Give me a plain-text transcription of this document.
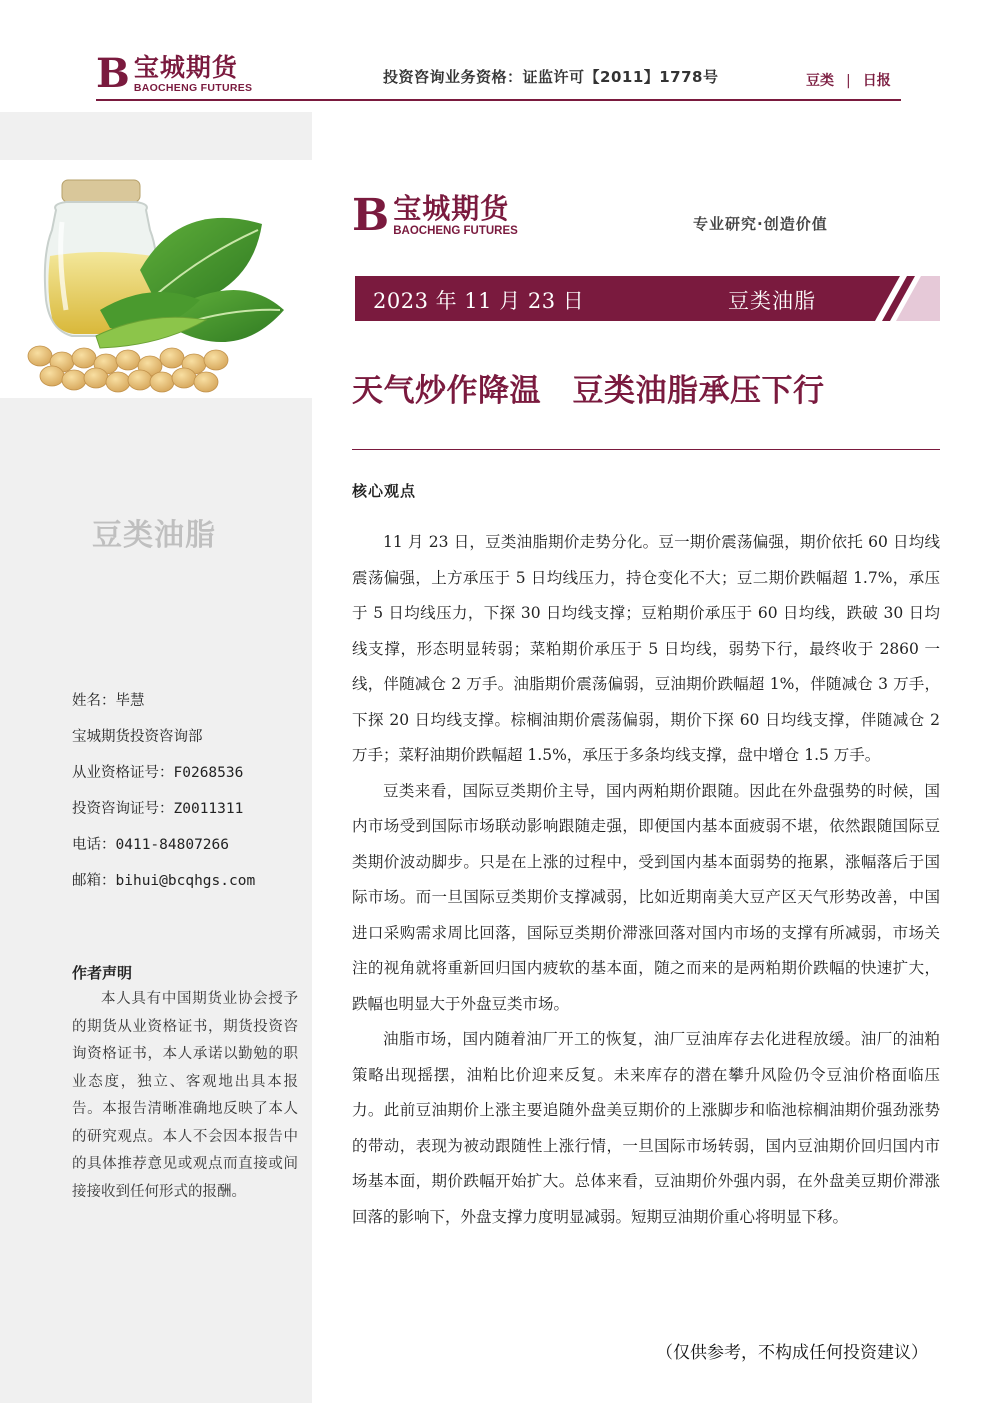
B 宝城期货
BAOCHENG FUTURES
投资咨询业务资格：证监许可【2011】1778号	豆类 | 日报
豆类油脂
姓名：毕慧
宝城期货投资咨询部
从业资格证号：F0268536
投资咨询证号：Z0011311
电话：0411-84807266
邮箱：bihui@bcqhgs.com
作者声明
本人具有中国期货业协会授予的期货从业资格证书，期货投资咨询资格证书，本人承诺以勤勉的职业态度，独立、客观地出具本报告。本报告清晰准确地反映了本人的研究观点。本人不会因本报告中的具体推荐意见或观点而直接或间接接收到任何形式的报酬。
B 宝城期货
BAOCHENG FUTURES	专业研究·创造价值
2023 年 11 月 23 日	豆类油脂
天气炒作降温　豆类油脂承压下行
核心观点

11 月 23 日，豆类油脂期价走势分化。豆一期价震荡偏强，期价依托 60 日均线震荡偏强，上方承压于 5 日均线压力，持仓变化不大；豆二期价跌幅超 1.7%，承压于 5 日均线压力，下探 30 日均线支撑；豆粕期价承压于 60 日均线，跌破 30 日均线支撑，形态明显转弱；菜粕期价承压于 5 日均线，弱势下行，最终收于 2860 一线，伴随减仓 2 万手。油脂期价震荡偏弱，豆油期价跌幅超 1%，伴随减仓 3 万手，下探 20 日均线支撑。棕榈油期价震荡偏弱，期价下探 60 日均线支撑，伴随减仓 2 万手；菜籽油期价跌幅超 1.5%，承压于多条均线支撑，盘中增仓 1.5 万手。

豆类来看，国际豆类期价主导，国内两粕期价跟随。因此在外盘强势的时候，国内市场受到国际市场联动影响跟随走强，即便国内基本面疲弱不堪，依然跟随国际豆类期价波动脚步。只是在上涨的过程中，受到国内基本面弱势的拖累，涨幅落后于国际市场。而一旦国际豆类期价支撑减弱，比如近期南美大豆产区天气形势改善，中国进口采购需求周比回落，国际豆类期价滞涨回落对国内市场的支撑有所减弱，市场关注的视角就将重新回归国内疲软的基本面，随之而来的是两粕期价跌幅的快速扩大，跌幅也明显大于外盘豆类市场。

油脂市场，国内随着油厂开工的恢复，油厂豆油库存去化进程放缓。油厂的油粕策略出现摇摆，油粕比价迎来反复。未来库存的潜在攀升风险仍令豆油价格面临压力。此前豆油期价上涨主要追随外盘美豆期价的上涨脚步和临池棕榈油期价强劲涨势的带动，表现为被动跟随性上涨行情，一旦国际市场转弱，国内豆油期价回归国内市场基本面，期价跌幅开始扩大。总体来看，豆油期价外强内弱，在外盘美豆期价滞涨回落的影响下，外盘支撑力度明显减弱。短期豆油期价重心将明显下移。

（仅供参考，不构成任何投资建议）
